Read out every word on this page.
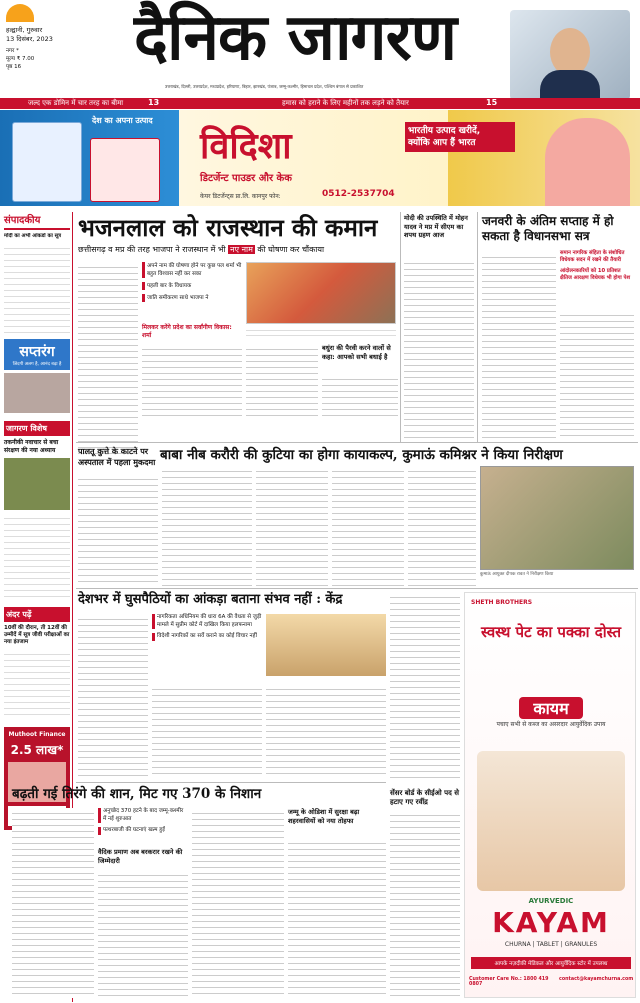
हल्द्वानी, गुरुवार
13 दिसंबर, 2023
नगर *
मूल्य ₹ 7.00
पृष्ठ 16	दैनिक जागरण
उत्तराखंड, दिल्ली, उत्तरप्रदेश, मध्यप्रदेश, हरियाणा, बिहार, झारखंड, पंजाब, जम्मू-कश्मीर, हिमाचल प्रदेश, पश्चिम बंगाल से प्रकाशित
जल्द एक डोमिन में चार तरह का बीमा	13	हमास को हराने के लिए महीनों तक लड़ने को तैयार	15
देश का अपना उत्पाद
विदिशा
डिटर्जेन्ट पाउडर और केक
केयर डिटर्जेन्ट्स प्रा.लि. कानपुर फोन:	0512-2537704
भारतीय उत्पाद खरीदें,
क्योंकि आप हैं भारत
संपादकीय
मोदी का अभी आंकडों का सूत्र
सप्तरंग
जिंदगी अलग है, आनंद बढ़ा है
जागरण विशेष
तकनीकी नवाचार से बचा संरक्षण की नया अध्याय
अंदर पढ़ें
10वीं की दौरान, ती 12वीं की उम्मीदें में सूत्र जीवी परीक्षाओं का नया इंतजाम
Muthoot Finance
2.5 लाख*
भजनलाल को राजस्थान की कमान
छत्तीसगढ़ व मप्र की तरह भाजपा ने राजस्थान में भी नए नाम की घोषणा कर चौंकाया
अपने नाम की घोषणा होने पर कुछ पल शर्मा भी बहुत विश्वास नहीं कर सका
पहली बार के विधायक
जाति समीकरण साधे भाजपा ने
मिलकर करेंगे प्रदेश का सर्वांगीण विकास: शर्मा
बधुंरा की पैरवी करने वालों से कहा: आपको सभी बधाई है
मोदी की उपस्थिति में मोहन यादव ने मप्र में सीएम का शपथ ग्रहण आज
जनवरी के अंतिम सप्ताह में हो सकता है विधानसभा सत्र
समान नागरिक संहिता के संशोधित विधेयक सदन में रखने की तैयारी
आंदोलनकारियों को 10 प्रतिशत क्षैतिज आरक्षण विधेयक भी होगा पेश
पालतू कुत्ते के काटने पर अस्पताल में पहला मुकदमा बाबा नीब करौरी की कुटिया का होगा कायाकल्प, कुमाऊं कमिश्नर ने किया निरीक्षण
कुमाऊं आयुक्त दीपक रावत ने निरीक्षण किया
देशभर में घुसपैठियों का आंकड़ा बताना संभव नहीं : केंद्र
नागरिकता अधिनियम की धारा 6A की वैधता से जुड़ी मामले में सुप्रीम कोर्ट में दाखिल किया हलफनामा
विदेशी नागरिकों का सर्वे कराने का कोई विचार नहीं
सेंसर बोर्ड के सीईओ पद से हटाए गए रवींद्र
बढ़ती गई तिरंगे की शान, मिट गए 370 के निशान
अनुच्छेद 370 हटने के बाद जम्मू-कश्मीर में नई शुरुआत
पत्थरबाजी की घटनाएं खत्म हुईं
वैदिक प्रमाण अब बरकरार रखने की जिम्मेदारी
जम्मू के ओडिशा में सुरक्षा बढ़ा शहरवासियों को नया तोहफा
SHETH BROTHERS
स्वस्थ पेट का पक्का दोस्त
कायम
पचाए सभी से कब्ज का असरदार आयुर्वेदिक उपाय
AYURVEDIC
KAYAM
CHURNA | TABLET | GRANULES
आपके नज़दीकी मेडिकल और आयुर्वेदिक स्टोर में उपलब्ध
Customer Care No.: 1800 419 0807
contact@kayamchurna.com
